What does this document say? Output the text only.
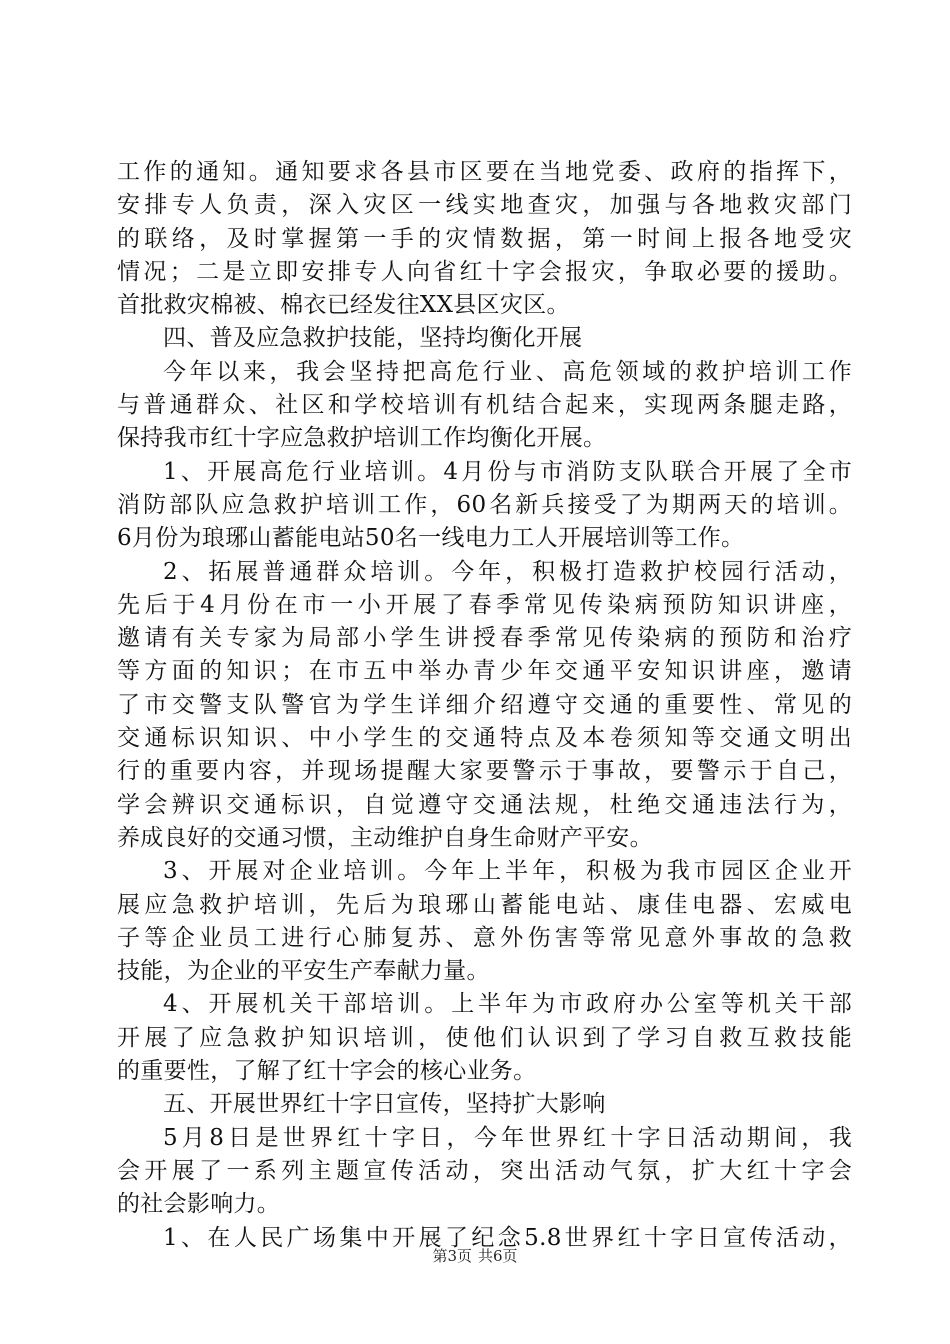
工作的通知。通知要求各县市区要在当地党委、政府的指挥下，
安排专人负责，深入灾区一线实地查灾，加强与各地救灾部门
的联络，及时掌握第一手的灾情数据，第一时间上报各地受灾
情况；二是立即安排专人向省红十字会报灾，争取必要的援助。
首批救灾棉被、棉衣已经发往XX县区灾区。
四、普及应急救护技能，坚持均衡化开展
今年以来，我会坚持把高危行业、高危领域的救护培训工作
与普通群众、社区和学校培训有机结合起来，实现两条腿走路，
保持我市红十字应急救护培训工作均衡化开展。
1、开展高危行业培训。4月份与市消防支队联合开展了全市
消防部队应急救护培训工作，60名新兵接受了为期两天的培训。
6月份为琅琊山蓄能电站50名一线电力工人开展培训等工作。
2、拓展普通群众培训。今年，积极打造救护校园行活动，
先后于4月份在市一小开展了春季常见传染病预防知识讲座，
邀请有关专家为局部小学生讲授春季常见传染病的预防和治疗
等方面的知识；在市五中举办青少年交通平安知识讲座，邀请
了市交警支队警官为学生详细介绍遵守交通的重要性、常见的
交通标识知识、中小学生的交通特点及本卷须知等交通文明出
行的重要内容，并现场提醒大家要警示于事故，要警示于自己，
学会辨识交通标识，自觉遵守交通法规，杜绝交通违法行为，
养成良好的交通习惯，主动维护自身生命财产平安。
3、开展对企业培训。今年上半年，积极为我市园区企业开
展应急救护培训，先后为琅琊山蓄能电站、康佳电器、宏威电
子等企业员工进行心肺复苏、意外伤害等常见意外事故的急救
技能，为企业的平安生产奉献力量。
4、开展机关干部培训。上半年为市政府办公室等机关干部
开展了应急救护知识培训，使他们认识到了学习自救互救技能
的重要性，了解了红十字会的核心业务。
五、开展世界红十字日宣传，坚持扩大影响
5月8日是世界红十字日，今年世界红十字日活动期间，我
会开展了一系列主题宣传活动，突出活动气氛，扩大红十字会
的社会影响力。
1、在人民广场集中开展了纪念5.8世界红十字日宣传活动，
第3页 共6页
